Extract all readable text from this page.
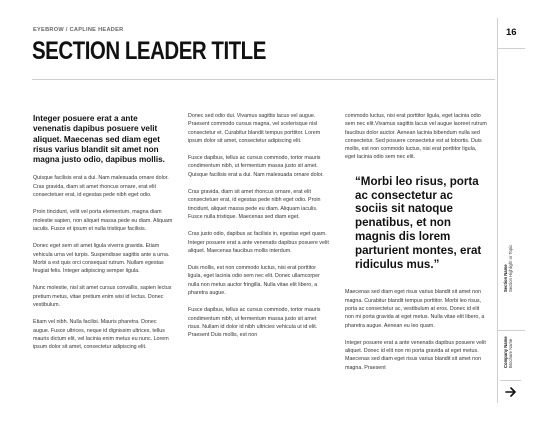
EYEBROW / CAPLINE HEADER
SECTION LEADER TITLE

Integer posuere erat a ante venenatis dapibus posuere velit aliquet. Maecenas sed diam eget risus varius blandit sit amet non magna justo odio, dapibus mollis.

Quisque facilisis erat a dui. Nam malesuada ornare dolor. Cras gravida, diam sit amet rhoncus ornare, erat elit consectetuer erat, id egestas pede nibh eget odio.

Proin tincidunt, velit vel porta elementum, magna diam molestie sapien, non aliquet massa pede eu diam. Aliquam iaculis. Fusce et ipsum et nulla tristique facilisis.

Donec eget sem sit amet ligula viverra gravida. Etiam vehicula urna vel turpis. Suspendisse sagittis ante a urna. Morbi a est quis orci consequat rutrum. Nullam egestas feugiat felis. Integer adipiscing semper ligula.

Nunc molestie, nisl sit amet cursus convallis, sapien lectus pretium metus, vitae pretium enim wisi id lectus. Donec vestibulum.

Etiam vel nibh. Nulla facilisi. Mauris pharetra. Donec augue. Fusce ultrices, neque id dignissim ultrices, tellus mauris dictum elit, vel lacinia enim metus eu nunc. Lorem ipsum dolor sit amet, consectetur adipiscing elit.

Donec sed odio dui. Vivamus sagittis lacus vel augue. Praesent commodo cursus magna, vel scelerisque nisl consectetur et. Curabitur blandit tempus porttitor. Lorem ipsum dolor sit amet, consectetur adipiscing elit.

Fusce dapibus, tellus ac cursus commodo, tortor mauris condimentum nibh, ut fermentum massa justo sit amet. Quisque facilisis erat a dui. Nam malesuada ornare dolor.

Cras gravida, diam sit amet rhoncus ornare, erat elit consectetuer erat, id egestas pede nibh eget odio. Proin tincidunt, aliquet massa pede eu diam. Aliquam iaculis. Fusce nulla tristique. Maecenas sed diam eget.

Cras justo odio, dapibus ac facilisis in, egestas eget quam. Integer posuere erat a ante venenatis dapibus posuere velit aliquet. Maecenas faucibus mollis interdum.

Duis mollis, est non commodo luctus, nisi erat porttitor ligula, eget lacinia odio sem nec elit. Donec ullamcorper nulla non metus auctor fringilla. Nulla vitae elit libero, a pharetra augue.

Fusce dapibus, tellus ac cursus commodo, tortor mauris condimentum nibh, ut fermentum massa justo sit amet risus. Nullam id dolor id nibh ultricies vehicula ut id elit. Praesent Duis mollis, est non

commodo luctus, nisi erat porttitor ligula, eget lacinia odio sem nec elit.Vivamus sagittis lacus vel augue laoreet rutrum faucibus dolor auctor. Aenean lacinia bibendum nulla sed consectetur. Sed posuere consectetur est at lobortis. Duis mollis, est non commodo luctus, nisi erat porttitor ligula, eget lacinia odio sem nec elit.

“Morbi leo risus, porta ac consectetur ac sociis sit natoque penatibus, et non magnis dis lorem parturient montes, erat ridiculus mus.”

Maecenas sed diam eget risus varius blandit sit amet non magna. Curabitur blandit tempus porttitor. Morbi leo risus, porta ac consectetur ac, vestibulum at eros. Donec id elit non mi porta gravida at eget metus. Nulla vitae elit libero, a pharetra augue. Aenean eu leo quam.

Integer posuere erat a ante venenatis dapibus posuere velit aliquet. Donec id elit non mi porta gravida at eget metus. Maecenas sed diam eget risus varius blandit sit amet non magna. Praesent

16
Section Name Section Highlight or Topic
Company Name Brochure Name
